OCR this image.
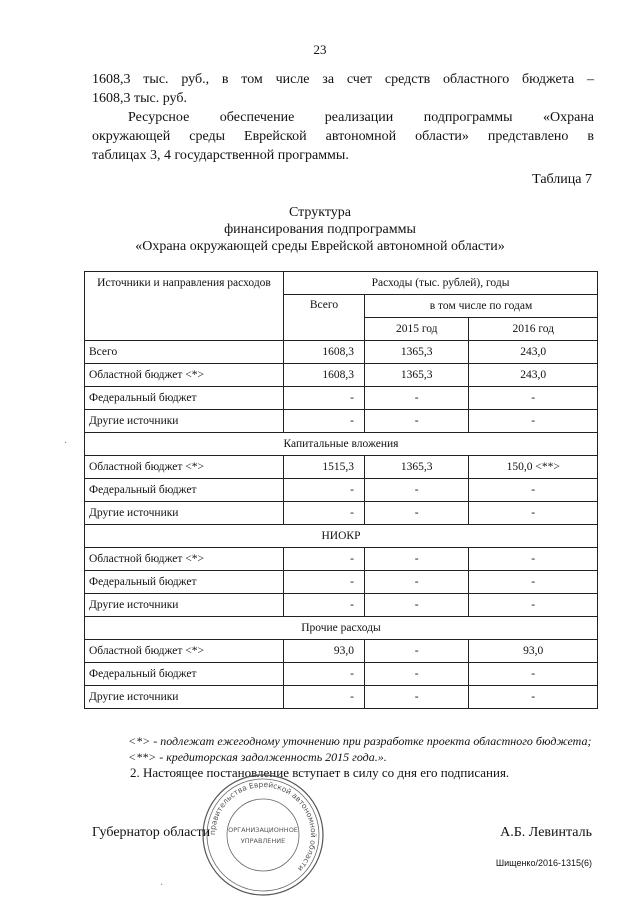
23

1608,3 тыс. руб., в том числе за счет средств областного бюджета –

1608,3 тыс. руб.

Ресурсное обеспечение реализации подпрограммы «Охрана

окружающей среды Еврейской автономной области» представлено в

таблицах 3, 4 государственной программы.

Таблица 7
Структура
финансирования подпрограммы
«Охрана окружающей среды Еврейской автономной области»
Источники и направления расходов	Расходы (тыс. рублей), годы		
	Всего	в том числе по годам	
		2015 год	2016 год
Всего	1608,3	1365,3	243,0
Областной бюджет <*>	1608,3	1365,3	243,0
Федеральный бюджет	-	-	-
Другие источники	-	-	-
Капитальные вложения			
Областной бюджет <*>	1515,3	1365,3	150,0 <**>
Федеральный бюджет	-	-	-
Другие источники	-	-	-
НИОКР			
Областной бюджет <*>	-	-	-
Федеральный бюджет	-	-	-
Другие источники	-	-	-
Прочие расходы			
Областной бюджет <*>	93,0	-	93,0
Федеральный бюджет	-	-	-
Другие источники	-	-	-
<*> - подлежат ежегодному уточнению при разработке проекта областного бюджета;
<**> - кредиторская задолженность 2015 года.».
2. Настоящее постановление вступает в силу со дня его подписания.
правительства Еврейской автономной области
ОРГАНИЗАЦИОННОЕ
УПРАВЛЕНИЕ
Губернатор области	А.Б. Левинталь
Шищенко/2016-1315(6)
·
·
